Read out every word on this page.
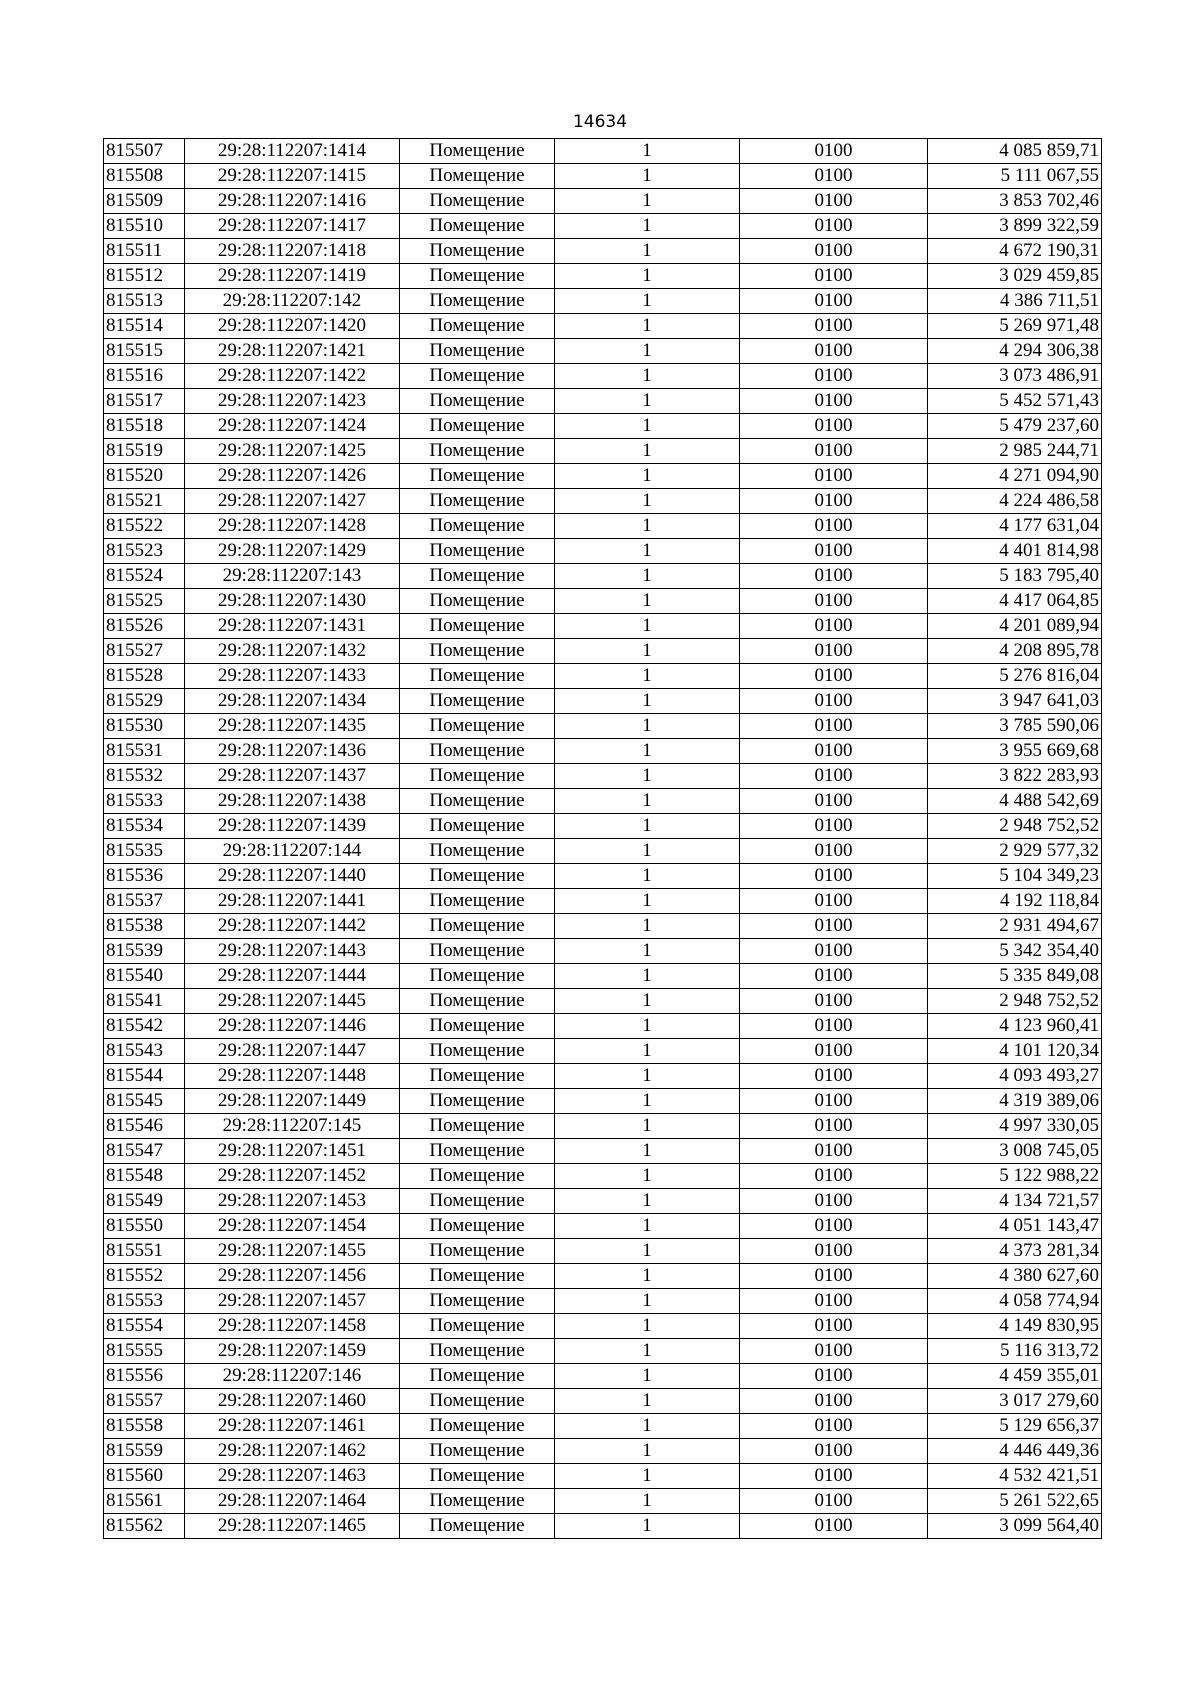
14634
815507	29:28:112207:1414	Помещение	1	0100	4 085 859,71
815508	29:28:112207:1415	Помещение	1	0100	5 111 067,55
815509	29:28:112207:1416	Помещение	1	0100	3 853 702,46
815510	29:28:112207:1417	Помещение	1	0100	3 899 322,59
815511	29:28:112207:1418	Помещение	1	0100	4 672 190,31
815512	29:28:112207:1419	Помещение	1	0100	3 029 459,85
815513	29:28:112207:142	Помещение	1	0100	4 386 711,51
815514	29:28:112207:1420	Помещение	1	0100	5 269 971,48
815515	29:28:112207:1421	Помещение	1	0100	4 294 306,38
815516	29:28:112207:1422	Помещение	1	0100	3 073 486,91
815517	29:28:112207:1423	Помещение	1	0100	5 452 571,43
815518	29:28:112207:1424	Помещение	1	0100	5 479 237,60
815519	29:28:112207:1425	Помещение	1	0100	2 985 244,71
815520	29:28:112207:1426	Помещение	1	0100	4 271 094,90
815521	29:28:112207:1427	Помещение	1	0100	4 224 486,58
815522	29:28:112207:1428	Помещение	1	0100	4 177 631,04
815523	29:28:112207:1429	Помещение	1	0100	4 401 814,98
815524	29:28:112207:143	Помещение	1	0100	5 183 795,40
815525	29:28:112207:1430	Помещение	1	0100	4 417 064,85
815526	29:28:112207:1431	Помещение	1	0100	4 201 089,94
815527	29:28:112207:1432	Помещение	1	0100	4 208 895,78
815528	29:28:112207:1433	Помещение	1	0100	5 276 816,04
815529	29:28:112207:1434	Помещение	1	0100	3 947 641,03
815530	29:28:112207:1435	Помещение	1	0100	3 785 590,06
815531	29:28:112207:1436	Помещение	1	0100	3 955 669,68
815532	29:28:112207:1437	Помещение	1	0100	3 822 283,93
815533	29:28:112207:1438	Помещение	1	0100	4 488 542,69
815534	29:28:112207:1439	Помещение	1	0100	2 948 752,52
815535	29:28:112207:144	Помещение	1	0100	2 929 577,32
815536	29:28:112207:1440	Помещение	1	0100	5 104 349,23
815537	29:28:112207:1441	Помещение	1	0100	4 192 118,84
815538	29:28:112207:1442	Помещение	1	0100	2 931 494,67
815539	29:28:112207:1443	Помещение	1	0100	5 342 354,40
815540	29:28:112207:1444	Помещение	1	0100	5 335 849,08
815541	29:28:112207:1445	Помещение	1	0100	2 948 752,52
815542	29:28:112207:1446	Помещение	1	0100	4 123 960,41
815543	29:28:112207:1447	Помещение	1	0100	4 101 120,34
815544	29:28:112207:1448	Помещение	1	0100	4 093 493,27
815545	29:28:112207:1449	Помещение	1	0100	4 319 389,06
815546	29:28:112207:145	Помещение	1	0100	4 997 330,05
815547	29:28:112207:1451	Помещение	1	0100	3 008 745,05
815548	29:28:112207:1452	Помещение	1	0100	5 122 988,22
815549	29:28:112207:1453	Помещение	1	0100	4 134 721,57
815550	29:28:112207:1454	Помещение	1	0100	4 051 143,47
815551	29:28:112207:1455	Помещение	1	0100	4 373 281,34
815552	29:28:112207:1456	Помещение	1	0100	4 380 627,60
815553	29:28:112207:1457	Помещение	1	0100	4 058 774,94
815554	29:28:112207:1458	Помещение	1	0100	4 149 830,95
815555	29:28:112207:1459	Помещение	1	0100	5 116 313,72
815556	29:28:112207:146	Помещение	1	0100	4 459 355,01
815557	29:28:112207:1460	Помещение	1	0100	3 017 279,60
815558	29:28:112207:1461	Помещение	1	0100	5 129 656,37
815559	29:28:112207:1462	Помещение	1	0100	4 446 449,36
815560	29:28:112207:1463	Помещение	1	0100	4 532 421,51
815561	29:28:112207:1464	Помещение	1	0100	5 261 522,65
815562	29:28:112207:1465	Помещение	1	0100	3 099 564,40
